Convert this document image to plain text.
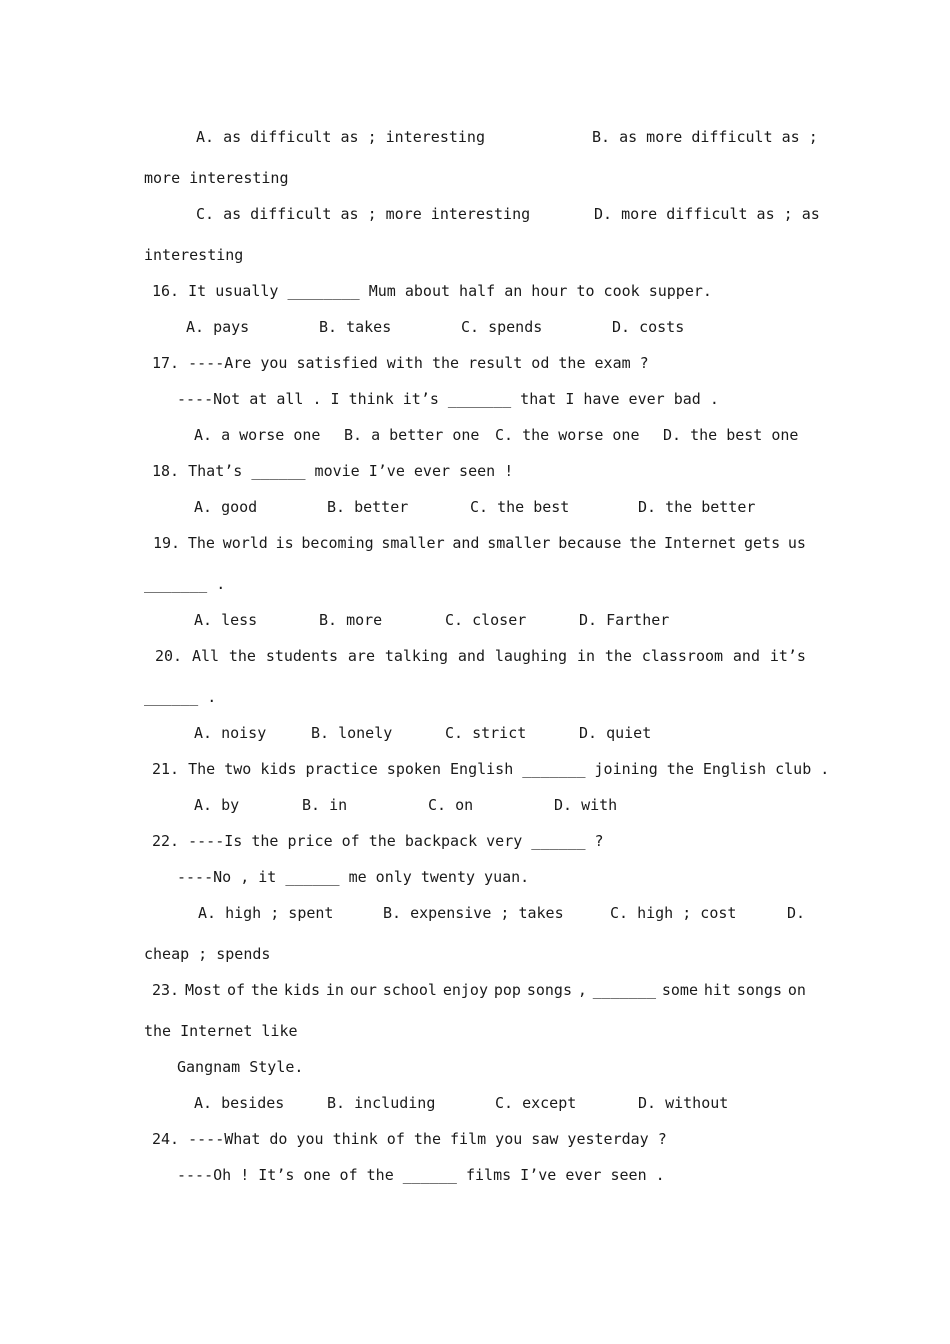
A. as difficult as ; interesting	B. as more difficult as ;
more interesting
C. as difficult as ; more interesting	D. more difficult as ; as
interesting
16. It usually ________ Mum about half an hour to cook supper.
A. pays	B. takes	C. spends	D. costs
17. ----Are you satisfied with the result od the exam ?
----Not at all . I think it’s _______ that I have ever bad .
A. a worse one B. a better one C. the worse one D. the best one
18. That’s ______ movie I’ve ever seen !
A. good	B. better	C. the best	D. the better
19. The world is becoming smaller and smaller because the Internet gets us
_______ .
A. less	B. more	C. closer	D. Farther
20. All the students are talking and laughing in the classroom and it’s
______ .
A. noisy	B. lonely	C. strict	D. quiet
21. The two kids practice spoken English _______ joining the English club .
A. by	B. in	C. on	D. with
22. ----Is the price of the backpack very ______ ?
----No , it ______ me only twenty yuan.
A. high ; spent	B. expensive ; takes	C. high ; cost	D.
cheap ; spends
23. Most of the kids in our school enjoy pop songs , _______ some hit songs on
the Internet like
Gangnam Style.
A. besides	B. including	C. except	D. without
24. ----What do you think of the film you saw yesterday ?
----Oh ! It’s one of the ______ films I’ve ever seen .
